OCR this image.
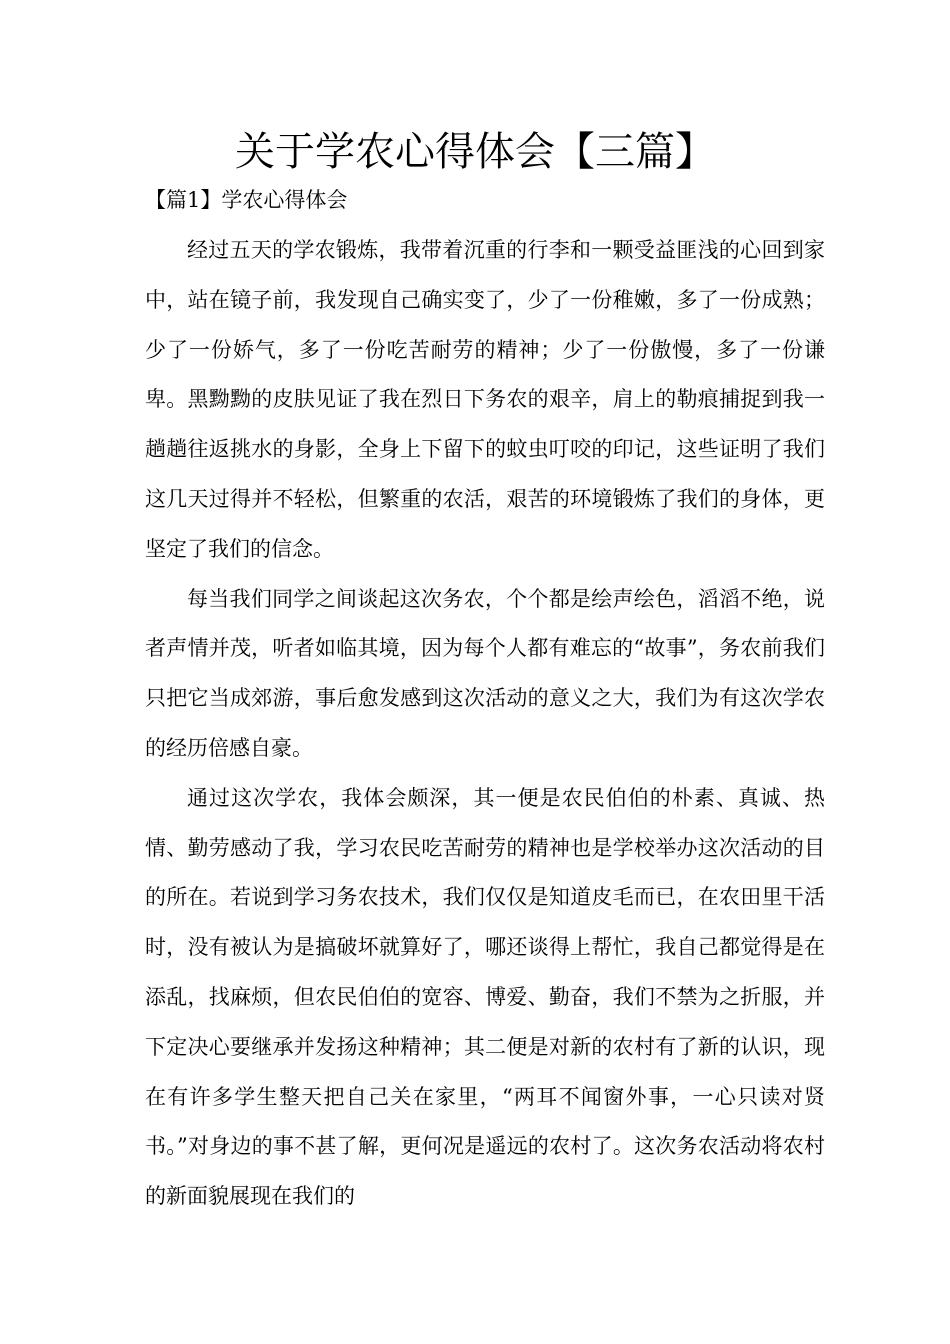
关于学农心得体会【三篇】
【篇1】学农心得体会

经过五天的学农锻炼，我带着沉重的行李和一颗受益匪浅的心回到家中，站在镜子前，我发现自己确实变了，少了一份稚嫩，多了一份成熟；少了一份娇气，多了一份吃苦耐劳的精神；少了一份傲慢，多了一份谦卑。黑黝黝的皮肤见证了我在烈日下务农的艰辛，肩上的勒痕捕捉到我一趟趟往返挑水的身影，全身上下留下的蚊虫叮咬的印记，这些证明了我们这几天过得并不轻松，但繁重的农活，艰苦的环境锻炼了我们的身体，更坚定了我们的信念。

每当我们同学之间谈起这次务农，个个都是绘声绘色，滔滔不绝，说者声情并茂，听者如临其境，因为每个人都有难忘的“故事”，务农前我们只把它当成郊游，事后愈发感到这次活动的意义之大，我们为有这次学农的经历倍感自豪。

通过这次学农，我体会颇深，其一便是农民伯伯的朴素、真诚、热情、勤劳感动了我，学习农民吃苦耐劳的精神也是学校举办这次活动的目的所在。若说到学习务农技术，我们仅仅是知道皮毛而已，在农田里干活时，没有被认为是搞破坏就算好了，哪还谈得上帮忙，我自己都觉得是在添乱，找麻烦，但农民伯伯的宽容、博爱、勤奋，我们不禁为之折服，并下定决心要继承并发扬这种精神；其二便是对新的农村有了新的认识，现在有许多学生整天把自己关在家里，“两耳不闻窗外事，一心只读对贤书。”对身边的事不甚了解，更何况是遥远的农村了。这次务农活动将农村的新面貌展现在我们的
